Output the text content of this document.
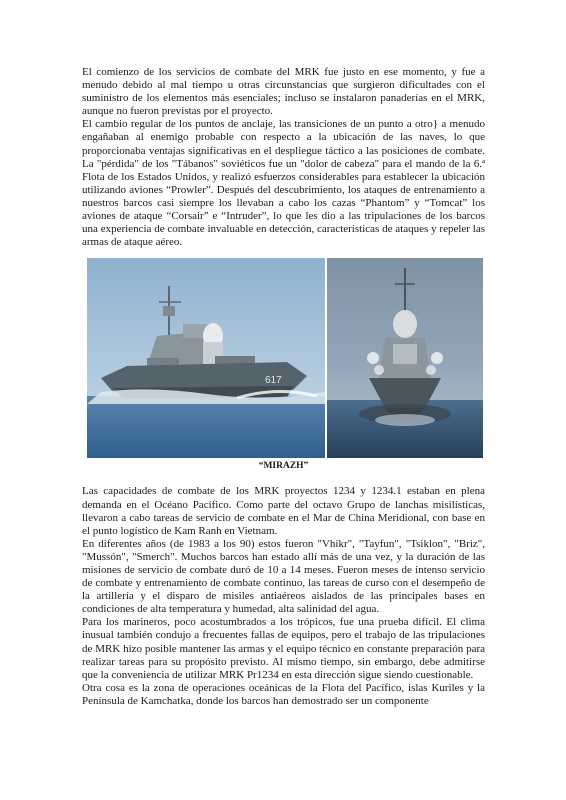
El comienzo de los servicios de combate del MRK fue justo en ese momento, y fue a menudo debido al mal tiempo u otras circunstancias que surgieron dificultades con el suministro de los elementos más esenciales; incluso se instalaron panaderías en el MRK, aunque no fueron previstas por el proyecto.

El cambio regular de los puntos de anclaje, las transiciones de un punto a otro} a menudo engañaban al enemigo probable con respecto a la ubicación de las naves, lo que proporcionaba ventajas significativas en el despliegue táctico a las posiciones de combate. La "pérdida" de los "Tábanos" soviéticos fue un "dolor de cabeza" para el mando de la 6.ª Flota de los Estados Unidos, y realizó esfuerzos considerables para establecer la ubicación utilizando aviones “Prowler”. Después del descubrimiento, los ataques de entrenamiento a nuestros barcos casi siempre los llevaban a cabo los cazas “Phantom” y “Tomcat” los aviones de ataque “Corsair” e “Intruder”, lo que les dio a las tripulaciones de los barcos una experiencia de combate invaluable en detección, características de ataques y repeler las armas de ataque aéreo.

617
“MIRAZH”

Las capacidades de combate de los MRK proyectos 1234 y 1234.1 estaban en plena demanda en el Océano Pacífico. Como parte del octavo Grupo de lanchas misilísticas, llevaron a cabo tareas de servicio de combate en el Mar de China Meridional, con base en el punto logístico de Kam Ranh en Vietnam.

En diferentes años (de 1983 a los 90) estos fueron "Vhikr", "Tayfun", "Tsiklon", "Briz", "Mussón", "Smerch". Muchos barcos han estado allí más de una vez, y la duración de las misiones de servicio de combate duró de 10 a 14 meses. Fueron meses de intenso servicio de combate y entrenamiento de combate continuo, las tareas de curso con el desempeño de la artillería y el disparo de misiles antiaéreos aislados de las principales bases en condiciones de alta temperatura y humedad, alta salinidad del agua.

Para los marineros, poco acostumbrados a los trópicos, fue una prueba difícil. El clima inusual también condujo a frecuentes fallas de equipos, pero el trabajo de las tripulaciones de MRK hizo posible mantener las armas y el equipo técnico en constante preparación para realizar tareas para su propósito previsto. Al mismo tiempo, sin embargo, debe admitirse que la conveniencia de utilizar MRK Pr1234 en esta dirección sigue siendo cuestionable.

Otra cosa es la zona de operaciones oceánicas de la Flota del Pacífico, islas Kuriles y la Península de Kamchatka, donde los barcos han demostrado ser un componente
